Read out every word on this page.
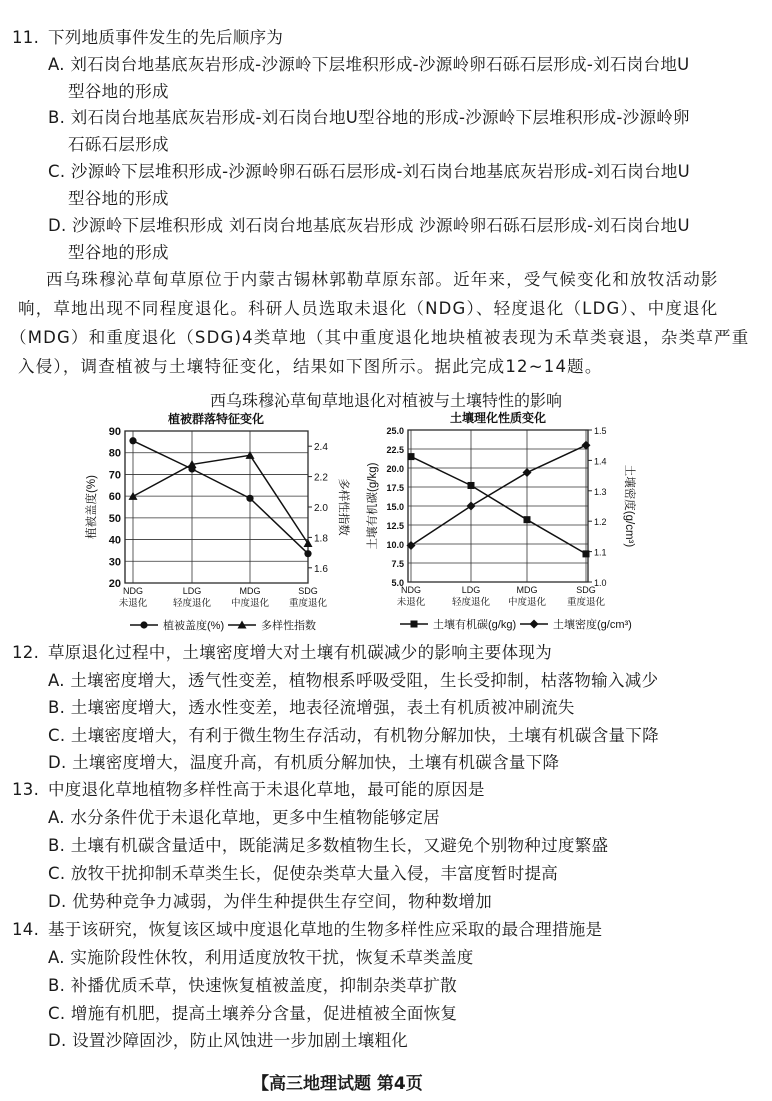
11. 下列地质事件发生的先后顺序为
A. 刘石岗台地基底灰岩形成-沙源岭下层堆积形成-沙源岭卵石砾石层形成-刘石岗台地U
型谷地的形成
B. 刘石岗台地基底灰岩形成-刘石岗台地U型谷地的形成-沙源岭下层堆积形成-沙源岭卵
石砾石层形成
C. 沙源岭下层堆积形成-沙源岭卵石砾石层形成-刘石岗台地基底灰岩形成-刘石岗台地U
型谷地的形成
D. 沙源岭下层堆积形成 刘石岗台地基底灰岩形成 沙源岭卵石砾石层形成-刘石岗台地U
型谷地的形成
西乌珠穆沁草甸草原位于内蒙古锡林郭勒草原东部。近年来，受气候变化和放牧活动影
响，草地出现不同程度退化。科研人员选取未退化（NDG）、轻度退化（LDG）、中度退化
（MDG）和重度退化（SDG)4类草地（其中重度退化地块植被表现为禾草类衰退，杂类草严重
入侵），调查植被与土壤特征变化，结果如下图所示。据此完成12~14题。
西乌珠穆沁草甸草地退化对植被与土壤特性的影响
植被群落特征变化
20
30
40
50
60
70
80
90
1.6
1.8
2.0
2.2
2.4
NDG
未退化
LDG
轻度退化
MDG
中度退化
SDG
重度退化
植被盖度(%)	多样性指数
植被盖度(%)	多样性指数
土壤理化性质变化
5.0
7.5
10.0
12.5
15.0
17.5
20.0
22.5
25.0
1.0
1.1
1.2
1.3
1.4
1.5
NDG
未退化
LDG
轻度退化
MDG
中度退化
SDG
重度退化
土壤有机碳(g/kg)	土壤密度(g/cm³)
土壤有机碳(g/kg)	土壤密度(g/cm³)
12. 草原退化过程中，土壤密度增大对土壤有机碳减少的影响主要体现为
A. 土壤密度增大，透气性变差，植物根系呼吸受阻，生长受抑制，枯落物输入减少
B. 土壤密度增大，透水性变差，地表径流增强，表土有机质被冲刷流失
C. 土壤密度增大，有利于微生物生存活动，有机物分解加快，土壤有机碳含量下降
D. 土壤密度增大，温度升高，有机质分解加快，土壤有机碳含量下降
13. 中度退化草地植物多样性高于未退化草地，最可能的原因是
A. 水分条件优于未退化草地，更多中生植物能够定居
B. 土壤有机碳含量适中，既能满足多数植物生长，又避免个别物种过度繁盛
C. 放牧干扰抑制禾草类生长，促使杂类草大量入侵，丰富度暂时提高
D. 优势种竞争力减弱，为伴生种提供生存空间，物种数增加
14. 基于该研究，恢复该区域中度退化草地的生物多样性应采取的最合理措施是
A. 实施阶段性休牧，利用适度放牧干扰，恢复禾草类盖度
B. 补播优质禾草，快速恢复植被盖度，抑制杂类草扩散
C. 增施有机肥，提高土壤养分含量，促进植被全面恢复
D. 设置沙障固沙，防止风蚀进一步加剧土壤粗化
【高三地理试题 第4页
